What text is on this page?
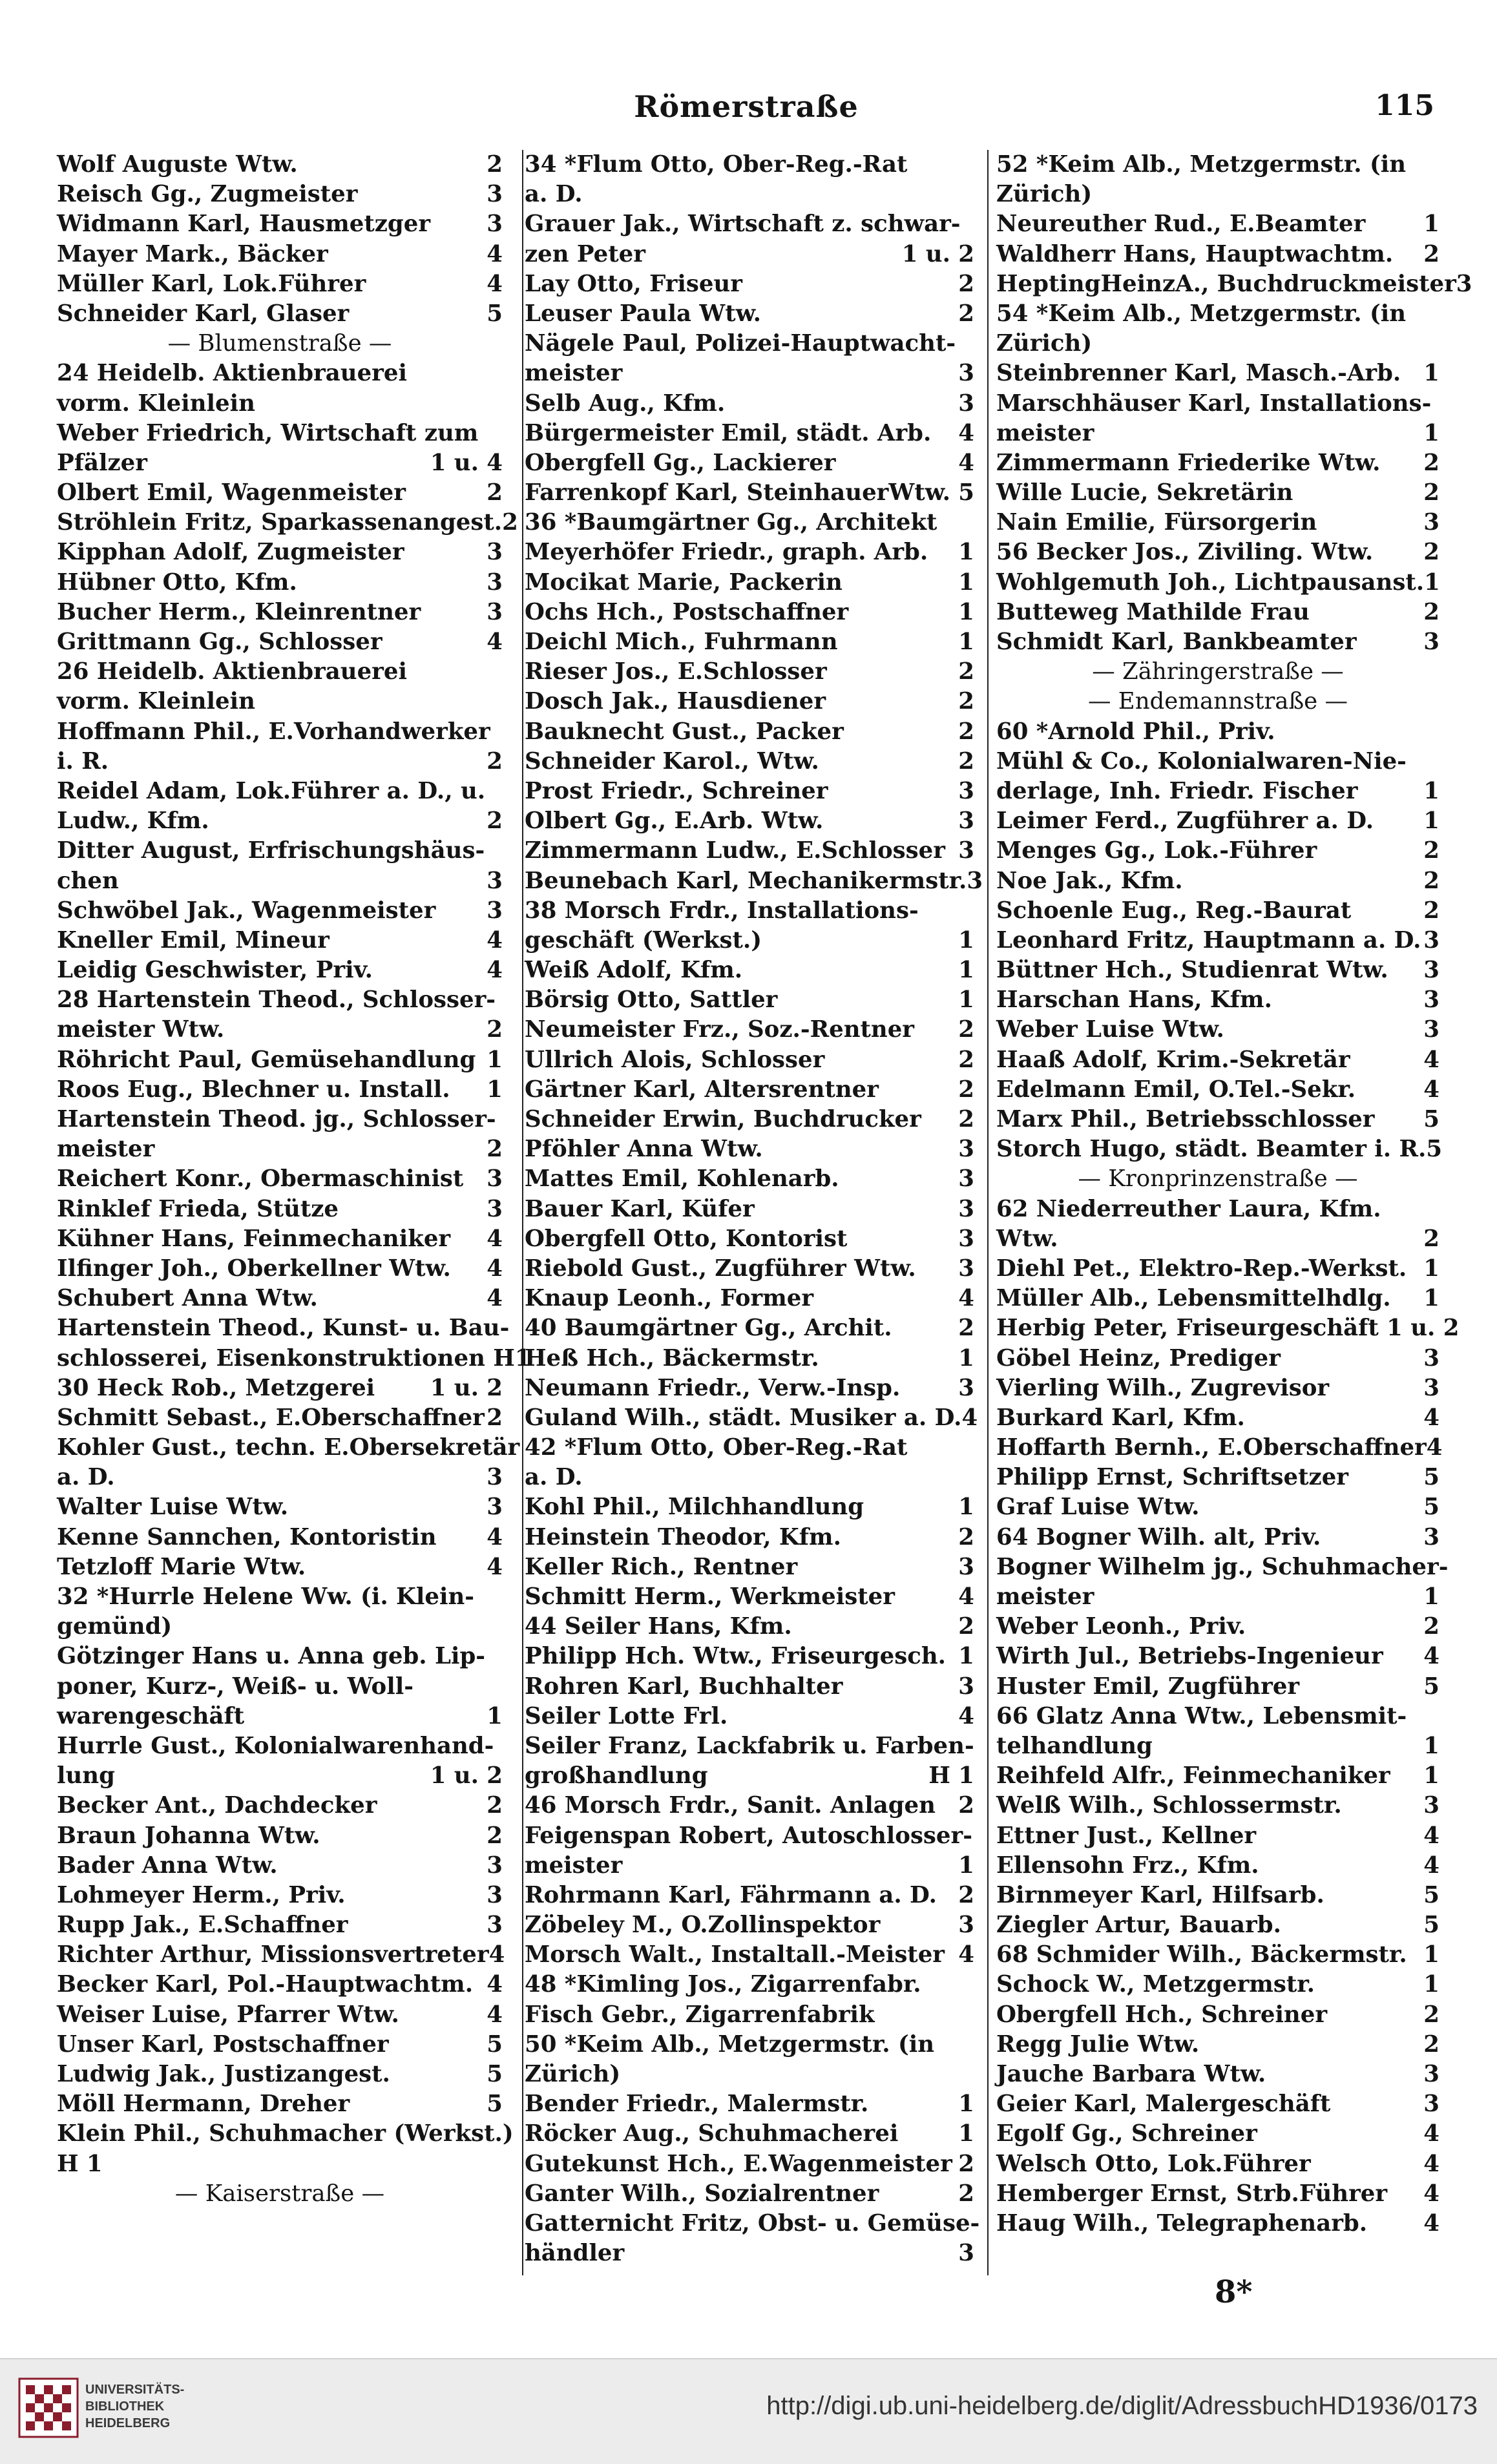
Römerstraße	115
Wolf Auguste Wtw.	2
Reisch Gg., Zugmeister	3
Widmann Karl, Hausmetzger 3
Mayer Mark., Bäcker	4
Müller Karl, Lok.Führer	4
Schneider Karl, Glaser	5
— Blumenstraße —
24 Heidelb. Aktienbrauerei
vorm. Kleinlein
Weber Friedrich, Wirtschaft zum
Pfälzer	1 u. 4
Olbert Emil, Wagenmeister	2
Ströhlein Fritz, Sparkassenangest. 2
Kipphan Adolf, Zugmeister	3
Hübner Otto, Kfm.	3
Bucher Herm., Kleinrentner	3
Grittmann Gg., Schlosser	4
26 Heidelb. Aktienbrauerei
vorm. Kleinlein
Hoffmann Phil., E.Vorhandwerker
i. R.	2
Reidel Adam, Lok.Führer a. D., u.
Ludw., Kfm.	2
Ditter August, Erfrischungshäus-
chen	3
Schwöbel Jak., Wagenmeister 3
Kneller Emil, Mineur	4
Leidig Geschwister, Priv.	4
28 Hartenstein Theod., Schlosser-
meister Wtw.	2
Röhricht Paul, Gemüsehandlung 1
Roos Eug., Blechner u. Install. 1
Hartenstein Theod. jg., Schlosser-
meister	2
Reichert Konr., Obermaschinist 3
Rinklef Frieda, Stütze	3
Kühner Hans, Feinmechaniker 4
Ilfinger Joh., Oberkellner Wtw. 4
Schubert Anna Wtw.	4
Hartenstein Theod., Kunst- u. Bau-
schlosserei, Eisenkonstruktionen H1
30 Heck Rob., Metzgerei 1 u. 2
Schmitt Sebast., E.Oberschaffner 2
Kohler Gust., techn. E.Obersekretär
a. D.	3
Walter Luise Wtw.	3
Kenne Sannchen, Kontoristin 4
Tetzloff Marie Wtw.	4
32 *Hurrle Helene Ww. (i. Klein-
gemünd)
Götzinger Hans u. Anna geb. Lip-
poner, Kurz-, Weiß- u. Woll-
warengeschäft	1
Hurrle Gust., Kolonialwarenhand-
lung	1 u. 2
Becker Ant., Dachdecker	2
Braun Johanna Wtw.	2
Bader Anna Wtw.	3
Lohmeyer Herm., Priv.	3
Rupp Jak., E.Schaffner	3
Richter Arthur, Missionsvertreter 4
Becker Karl, Pol.-Hauptwachtm. 4
Weiser Luise, Pfarrer Wtw.	4
Unser Karl, Postschaffner	5
Ludwig Jak., Justizangest.	5
Möll Hermann, Dreher	5
Klein Phil., Schuhmacher (Werkst.)
H 1
— Kaiserstraße —
34 *Flum Otto, Ober-Reg.-Rat
a. D.
Grauer Jak., Wirtschaft z. schwar-
zen Peter	1 u. 2
Lay Otto, Friseur	2
Leuser Paula Wtw.	2
Nägele Paul, Polizei-Hauptwacht-
meister	3
Selb Aug., Kfm.	3
Bürgermeister Emil, städt. Arb. 4
Obergfell Gg., Lackierer	4
Farrenkopf Karl, SteinhauerWtw. 5
36 *Baumgärtner Gg., Architekt
Meyerhöfer Friedr., graph. Arb. 1
Mocikat Marie, Packerin	1
Ochs Hch., Postschaffner	1
Deichl Mich., Fuhrmann	1
Rieser Jos., E.Schlosser	2
Dosch Jak., Hausdiener	2
Bauknecht Gust., Packer	2
Schneider Karol., Wtw.	2
Prost Friedr., Schreiner	3
Olbert Gg., E.Arb. Wtw.	3
Zimmermann Ludw., E.Schlosser 3
Beunebach Karl, Mechanikermstr. 3
38 Morsch Frdr., Installations-
geschäft (Werkst.)	1
Weiß Adolf, Kfm.	1
Börsig Otto, Sattler	1
Neumeister Frz., Soz.-Rentner 2
Ullrich Alois, Schlosser	2
Gärtner Karl, Altersrentner	2
Schneider Erwin, Buchdrucker 2
Pföhler Anna Wtw.	3
Mattes Emil, Kohlenarb.	3
Bauer Karl, Küfer	3
Obergfell Otto, Kontorist	3
Riebold Gust., Zugführer Wtw. 3
Knaup Leonh., Former	4
40 Baumgärtner Gg., Archit.	2
Heß Hch., Bäckermstr.	1
Neumann Friedr., Verw.-Insp.	3
Guland Wilh., städt. Musiker a. D. 4
42 *Flum Otto, Ober-Reg.-Rat
a. D.
Kohl Phil., Milchhandlung	1
Heinstein Theodor, Kfm.	2
Keller Rich., Rentner	3
Schmitt Herm., Werkmeister	4
44 Seiler Hans, Kfm.	2
Philipp Hch. Wtw., Friseurgesch. 1
Rohren Karl, Buchhalter	3
Seiler Lotte Frl.	4
Seiler Franz, Lackfabrik u. Farben-
großhandlung	H 1
46 Morsch Frdr., Sanit. Anlagen 2
Feigenspan Robert, Autoschlosser-
meister	1
Rohrmann Karl, Fährmann a. D. 2
Zöbeley M., O.Zollinspektor	3
Morsch Walt., Instaltall.-Meister 4
48 *Kimling Jos., Zigarrenfabr.
Fisch Gebr., Zigarrenfabrik
50 *Keim Alb., Metzgermstr. (in
Zürich)
Bender Friedr., Malermstr.	1
Röcker Aug., Schuhmacherei	1
Gutekunst Hch., E.Wagenmeister 2
Ganter Wilh., Sozialrentner	2
Gatternicht Fritz, Obst- u. Gemüse-
händler	3
52 *Keim Alb., Metzgermstr. (in
Zürich)
Neureuther Rud., E.Beamter	1
Waldherr Hans, Hauptwachtm. 2
HeptingHeinzA., Buchdruckmeister 3
54 *Keim Alb., Metzgermstr. (in
Zürich)
Steinbrenner Karl, Masch.-Arb. 1
Marschhäuser Karl, Installations-
meister	1
Zimmermann Friederike Wtw. 2
Wille Lucie, Sekretärin	2
Nain Emilie, Fürsorgerin	3
56 Becker Jos., Ziviling. Wtw. 2
Wohlgemuth Joh., Lichtpausanst. 1
Butteweg Mathilde Frau	2
Schmidt Karl, Bankbeamter	3
— Zähringerstraße —
— Endemannstraße —
60 *Arnold Phil., Priv.
Mühl & Co., Kolonialwaren-Nie-
derlage, Inh. Friedr. Fischer	1
Leimer Ferd., Zugführer a. D. 1
Menges Gg., Lok.-Führer	2
Noe Jak., Kfm.	2
Schoenle Eug., Reg.-Baurat	2
Leonhard Fritz, Hauptmann a. D. 3
Büttner Hch., Studienrat Wtw. 3
Harschan Hans, Kfm.	3
Weber Luise Wtw.	3
Haaß Adolf, Krim.-Sekretär	4
Edelmann Emil, O.Tel.-Sekr.	4
Marx Phil., Betriebsschlosser 5
Storch Hugo, städt. Beamter i. R. 5
— Kronprinzenstraße —
62 Niederreuther Laura, Kfm.
Wtw.	2
Diehl Pet., Elektro-Rep.-Werkst. 1
Müller Alb., Lebensmittelhdlg. 1
Herbig Peter, Friseurgeschäft 1 u. 2
Göbel Heinz, Prediger	3
Vierling Wilh., Zugrevisor	3
Burkard Karl, Kfm.	4
Hoffarth Bernh., E.Oberschaffner 4
Philipp Ernst, Schriftsetzer	5
Graf Luise Wtw.	5
64 Bogner Wilh. alt, Priv.	3
Bogner Wilhelm jg., Schuhmacher-
meister	1
Weber Leonh., Priv.	2
Wirth Jul., Betriebs-Ingenieur 4
Huster Emil, Zugführer	5
66 Glatz Anna Wtw., Lebensmit-
telhandlung	1
Reihfeld Alfr., Feinmechaniker 1
Welß Wilh., Schlossermstr.	3
Ettner Just., Kellner	4
Ellensohn Frz., Kfm.	4
Birnmeyer Karl, Hilfsarb.	5
Ziegler Artur, Bauarb.	5
68 Schmider Wilh., Bäckermstr. 1
Schock W., Metzgermstr.	1
Obergfell Hch., Schreiner	2
Regg Julie Wtw.	2
Jauche Barbara Wtw.	3
Geier Karl, Malergeschäft	3
Egolf Gg., Schreiner	4
Welsch Otto, Lok.Führer	4
Hemberger Ernst, Strb.Führer 4
Haug Wilh., Telegraphenarb. 4
8*
UNIVERSITÄTS-
BIBLIOTHEK
HEIDELBERG
http://digi.ub.uni-heidelberg.de/diglit/AdressbuchHD1936/0173
